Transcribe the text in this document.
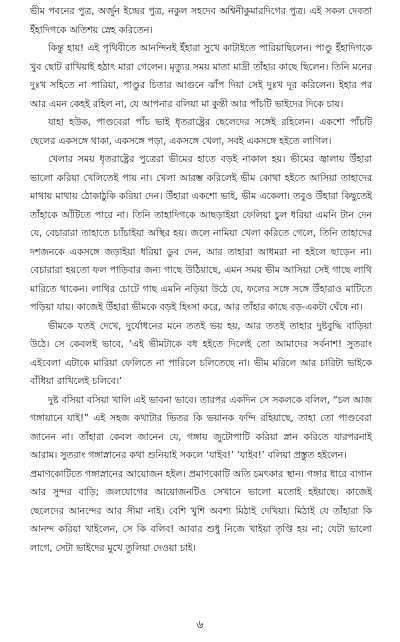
ভীম পবনের পুত্র, অর্জুন ইন্দ্রের পুত্র, নকুল সহদেব অশ্বিনীকুমারদিগের পুত্র। এই সকল দেবতা ইঁহাদিগকে অতিশয় স্নেহ করিতেন।

কিন্তু হায়! এই পৃথিবীতে আনন্দিনই ইঁহারা সুখে কাটাইতে পারিয়াছিলেন। পাণ্ডু ইঁহাদিগকে খুব ছোট রাখিয়াই হঠাৎ মারা গেলেন। মৃত্যুর সময় মাতা মাদ্রী তাঁহার কাছে ছিলেন। তিনি মনের দুঃখ সহিতে না পারিয়া, পাণ্ডুর চিতার আগুনে ঝাঁপ দিয়া সেই দুঃখ দূর করিলেন। ইহার পর আর এমন কেহই রহিল না, যে আপনার বলিয়া মা কুন্তী আর পাঁচটি ভাইদের দিকে চায়।

যাহা হউক, পাণ্ডবেরা পাঁচ ভাই ধৃতরাষ্ট্রের ছেলেদের সঙ্গেই রহিলেন। একশো পাঁচটি ছেলের একসঙ্গে থাকা, একসঙ্গে পড়া, একসঙ্গে খেলা, সবই একসঙ্গে হইতে লাগিল।

খেলার সময় ধৃতরাষ্ট্রের পুত্রেরা ভীমের হাতে বড়ই নাকাল হয়। ভীমের জ্বালায় উঁহারা ভালো করিয়া খেলিতেই পায় না। খেলা আরম্ভ করিলেই ভীম কোথা হইতে আসিয়া তাহাদের মাথায় মাথায় ঠোকাঠুকি করিয়া দেন। উঁহারা একশো ভাই, ভীম একেলা। তবুও উঁহারা কিছুতেই তাঁহাকে আঁটিতে পারে না। তিনি তাহাদিগকে আছড়াইয়া ফেলিয়া চুল ধরিয়া এমনি টান দেন যে, বেচারারা তাহাতে চ্যাঁচাইয়া অস্থির হয়। জলে নামিয়া খেলা করিতে গেলে, তিনি তাহাদের দশজনকে একসঙ্গে জড়াইয়া ধরিয়া ডুব দেন, আর তাহারা আধমরা না হইলে ছাড়েন না। বেচারারা হয়তো ফল পাড়িবার জন্য গাছে উঠিয়াছে, এমন সময় ভীম আসিয়া সেই গাছে লাথি মারিতে থাকেন। লাথির চোটে গাছ এমনি নড়িয়া উঠে যে, ফলের সঙ্গে সঙ্গে উঁহারাও মাটিতে পড়িয়া যায়। কাজেই উঁহারা ভীমকে বড়ই হিংসা করে, আর তাঁহার কাছে বড়-একটা ঘেঁষে না।

ভীমকে যতই দেখে, দুর্যোধনের মনে ততই ভয় হয়, আর ততই তাহার দুষ্টবুদ্ধি বাড়িয়া উঠে। সে কেবলই ভাবে, ‘এই ভীমটাকে বধ হইতে দিলেই তো আমাদের সর্বনাশ! সুতরাং এইবেলা এটাকে মারিয়া ফেলিতে না পারিলে চলিতেছে না। ভীম মরিলে আর চারিটা ভাইকে বাঁধিয়া রাখিলেই চলিবে।’

দুষ্ট বসিয়া বসিয়া খালি এই ভাবনা ভাবে। তারপর একদিন সে সকলকে বলিল, “চল আজ গঙ্গায়ানে যাই!” এই সহজ কথাটার ভিতর কি ভয়ানক ফন্দি রহিয়াছে, তাহা তো পাণ্ডবেরা জানেন না। তাঁহারা কেবল জানেন যে, গঙ্গায় জুটোপাটি করিয়া স্নান করিতে যারপরনাই আরাম। সুতরাং গঙ্গাস্নানের কথা শুনিয়াই সকলে ‘যাইব!’ ‘যাইব!’ বলিয়া প্রস্তুত হইলেন।

প্রমাণকোটিতে গঙ্গাস্নানের আয়োজন হইল। প্রমাণকোটি অতি চমৎকার স্থান। গঙ্গার ধারে বাগান আর সুন্দর বাড়ি; জলযোগের আয়োজনটিও সেখানে ভালো মতোই হইয়াছে। কাজেই ছেলেদের আনন্দের আর সীমা নাই। বেশি খুশি অবশ্য মিঠাই দেখিয়া। মিঠাই যে তাঁহারা কি আনন্দ করিয়া খাইলেন, সে কি বলিব! আবার শুধু নিজে খাইয়া তৃপ্তি হয় না; যেটা ভালো লাগে, সেটা ভাইদের মুখে তুলিয়া দেওয়া চাই।

৬
